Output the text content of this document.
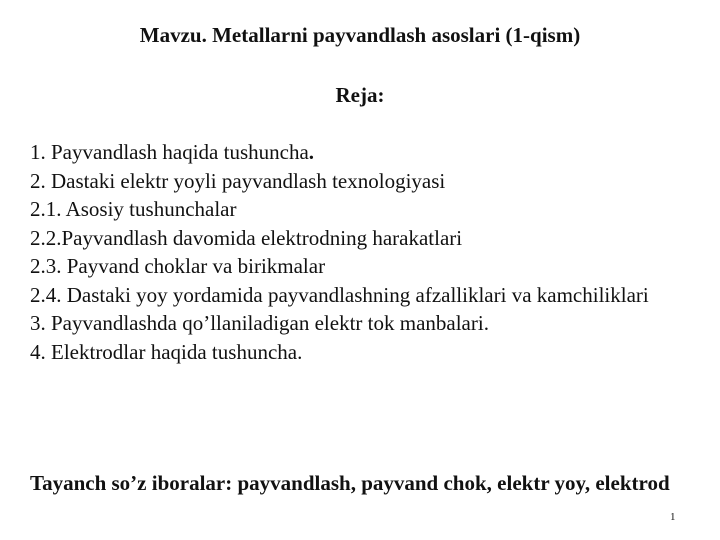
Mavzu. Metallarni payvandlash asoslari (1-qism)
Reja:
1. Payvandlash haqida tushuncha.
2. Dastaki elektr yoyli payvandlash texnologiyasi
2.1. Asosiy tushunchalar
2.2.Payvandlash davomida elektrodning harakatlari
2.3. Payvand choklar va birikmalar
2.4. Dastaki yoy yordamida payvandlashning afzalliklari va kamchiliklari
3. Payvandlashda qo’llaniladigan elektr tok manbalari.
4. Elektrodlar haqida tushuncha.
Tayanch so’z iboralar: payvandlash, payvand chok, elektr yoy, elektrod
1
